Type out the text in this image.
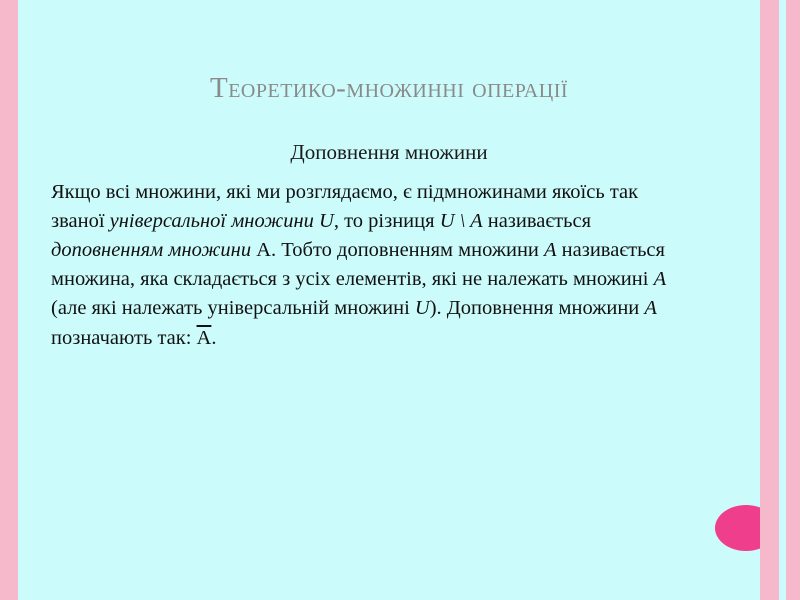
Теоретико-множинні операції
Доповнення множини
Якщо всі множини, які ми розглядаємо, є підмножинами якоїсь так званої універсальної множини U, то різниця U \ A називається доповненням множини A. Тобто доповненням множини A називається множина, яка складається з усіх елементів, які не належать множині A (але які належать універсальній множині U). Доповнення множини A позначають так: $\overline{A}$.
